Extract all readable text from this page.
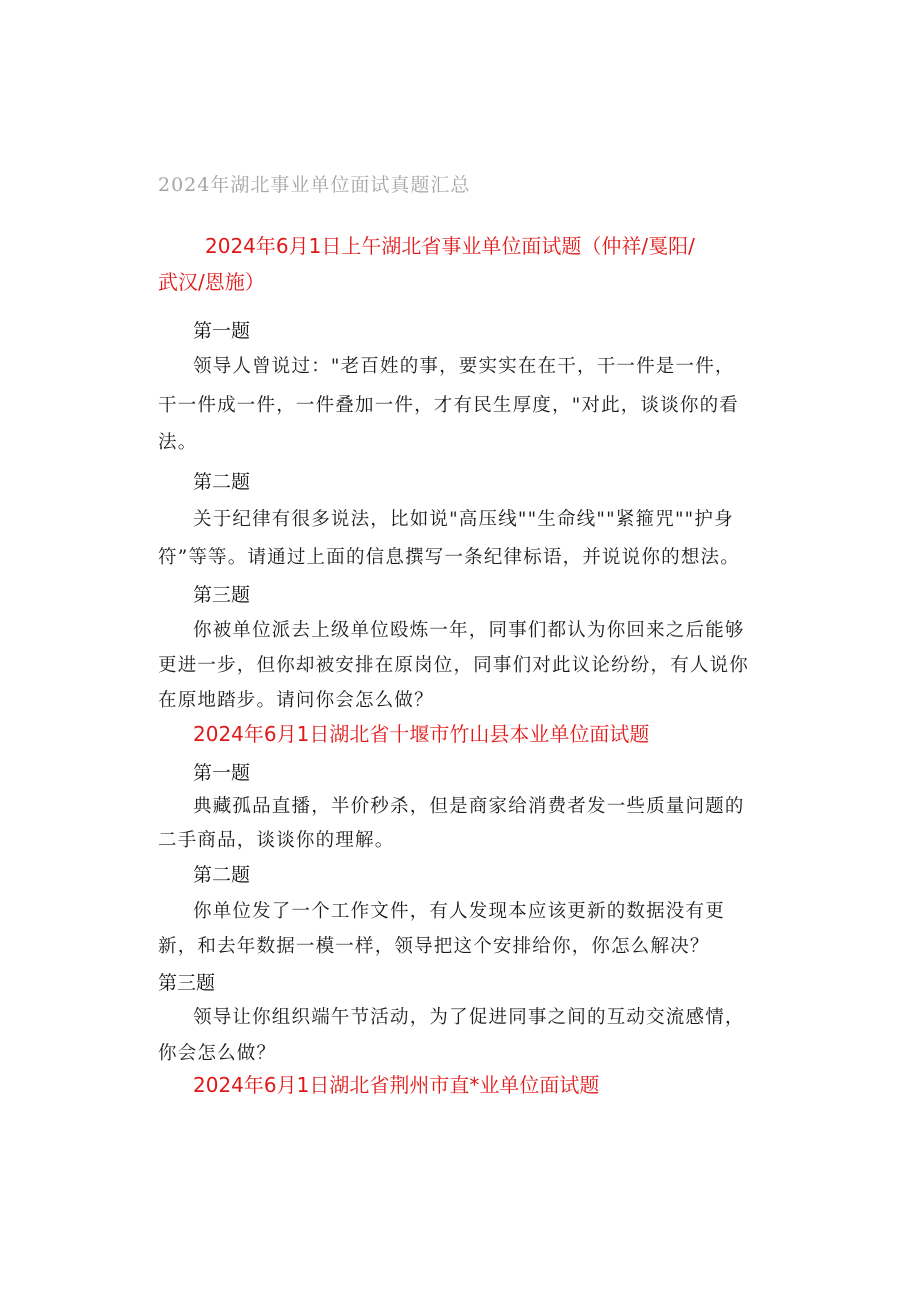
2024年湖北事业单位面试真题汇总
2024年6月1日上午湖北省事业单位面试题（仲祥/戛阳/
武汉/恩施）
第一题
领导人曾说过："老百姓的事，要实实在在干，干一件是一件，
干一件成一件，一件叠加一件，才有民生厚度，"对此，谈谈你的看
法。
第二题
关于纪律有很多说法，比如说"高压线""生命线""紧箍咒""护身
符”等等。请通过上面的信息撰写一条纪律标语，并说说你的想法。
第三题
你被单位派去上级单位殴炼一年，同事们都认为你回来之后能够
更进一步，但你却被安排在原岗位，同事们对此议论纷纷，有人说你
在原地踏步。请问你会怎么做？
2024年6月1日湖北省十堰市竹山县本业单位面试题
第一题
典藏孤品直播，半价秒杀，但是商家给消费者发一些质量问题的
二手商品，谈谈你的理解。
第二题
你单位发了一个工作文件，有人发现本应该更新的数据没有更
新，和去年数据一模一样，领导把这个安排给你，你怎么解决？
第三题
领导让你组织端午节活动，为了促进同事之间的互动交流感情，
你会怎么做？
2024年6月1日湖北省荆州市直*业单位面试题
